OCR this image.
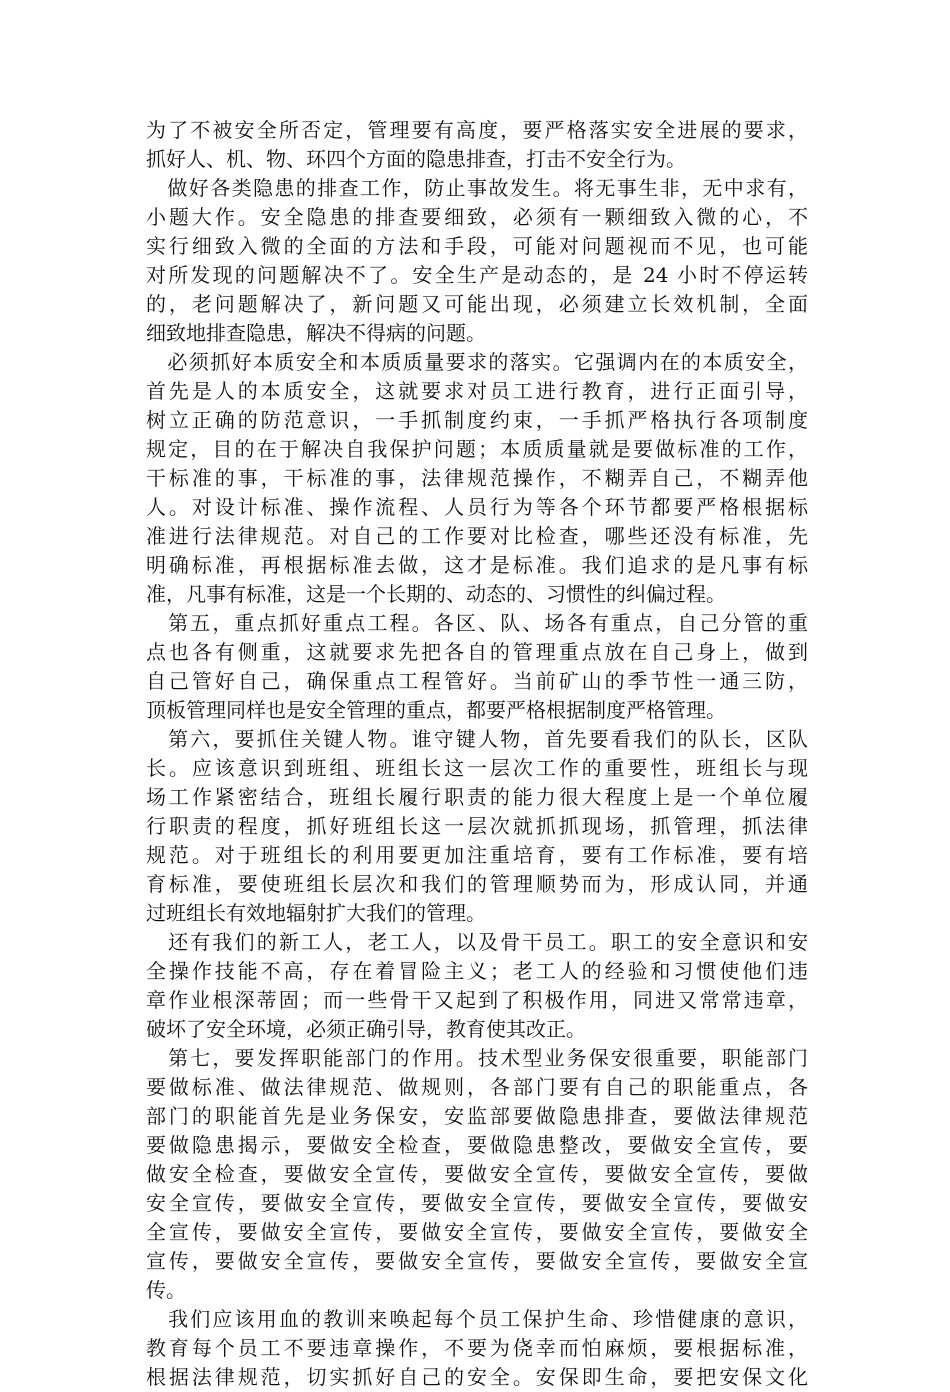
为了不被安全所否定，管理要有高度，要严格落实安全进展的要求，
抓好人、机、物、环四个方面的隐患排查，打击不安全行为。
　做好各类隐患的排查工作，防止事故发生。将无事生非，无中求有，
小题大作。安全隐患的排查要细致，必须有一颗细致入微的心，不
实行细致入微的全面的方法和手段，可能对问题视而不见，也可能
对所发现的问题解决不了。安全生产是动态的，是 24 小时不停运转
的，老问题解决了，新问题又可能出现，必须建立长效机制，全面
细致地排查隐患，解决不得病的问题。
　必须抓好本质安全和本质质量要求的落实。它强调内在的本质安全，
首先是人的本质安全，这就要求对员工进行教育，进行正面引导，
树立正确的防范意识，一手抓制度约束，一手抓严格执行各项制度
规定，目的在于解决自我保护问题；本质质量就是要做标准的工作，
干标准的事，干标准的事，法律规范操作，不糊弄自己，不糊弄他
人。对设计标准、操作流程、人员行为等各个环节都要严格根据标
准进行法律规范。对自己的工作要对比检查，哪些还没有标准，先
明确标准，再根据标准去做，这才是标准。我们追求的是凡事有标
准，凡事有标准，这是一个长期的、动态的、习惯性的纠偏过程。
　第五，重点抓好重点工程。各区、队、场各有重点，自己分管的重
点也各有侧重，这就要求先把各自的管理重点放在自己身上，做到
自己管好自己，确保重点工程管好。当前矿山的季节性一通三防，
顶板管理同样也是安全管理的重点，都要严格根据制度严格管理。
　第六，要抓住关键人物。谁守键人物，首先要看我们的队长，区队
长。应该意识到班组、班组长这一层次工作的重要性，班组长与现
场工作紧密结合，班组长履行职责的能力很大程度上是一个单位履
行职责的程度，抓好班组长这一层次就抓抓现场，抓管理，抓法律
规范。对于班组长的利用要更加注重培育，要有工作标准，要有培
育标准，要使班组长层次和我们的管理顺势而为，形成认同，并通
过班组长有效地辐射扩大我们的管理。
　还有我们的新工人，老工人，以及骨干员工。职工的安全意识和安
全操作技能不高，存在着冒险主义；老工人的经验和习惯使他们违
章作业根深蒂固；而一些骨干又起到了积极作用，同进又常常违章，
破坏了安全环境，必须正确引导，教育使其改正。
　第七，要发挥职能部门的作用。技术型业务保安很重要，职能部门
要做标准、做法律规范、做规则，各部门要有自己的职能重点，各
部门的职能首先是业务保安，安监部要做隐患排查，要做法律规范
要做隐患揭示，要做安全检查，要做隐患整改，要做安全宣传，要
做安全检查，要做安全宣传，要做安全宣传，要做安全宣传，要做
安全宣传，要做安全宣传，要做安全宣传，要做安全宣传，要做安
全宣传，要做安全宣传，要做安全宣传，要做安全宣传，要做安全
宣传，要做安全宣传，要做安全宣传，要做安全宣传，要做安全宣
传。
　我们应该用血的教训来唤起每个员工保护生命、珍惜健康的意识，
教育每个员工不要违章操作，不要为侥幸而怕麻烦，要根据标准，
根据法律规范，切实抓好自己的安全。安保即生命，要把安保文化
